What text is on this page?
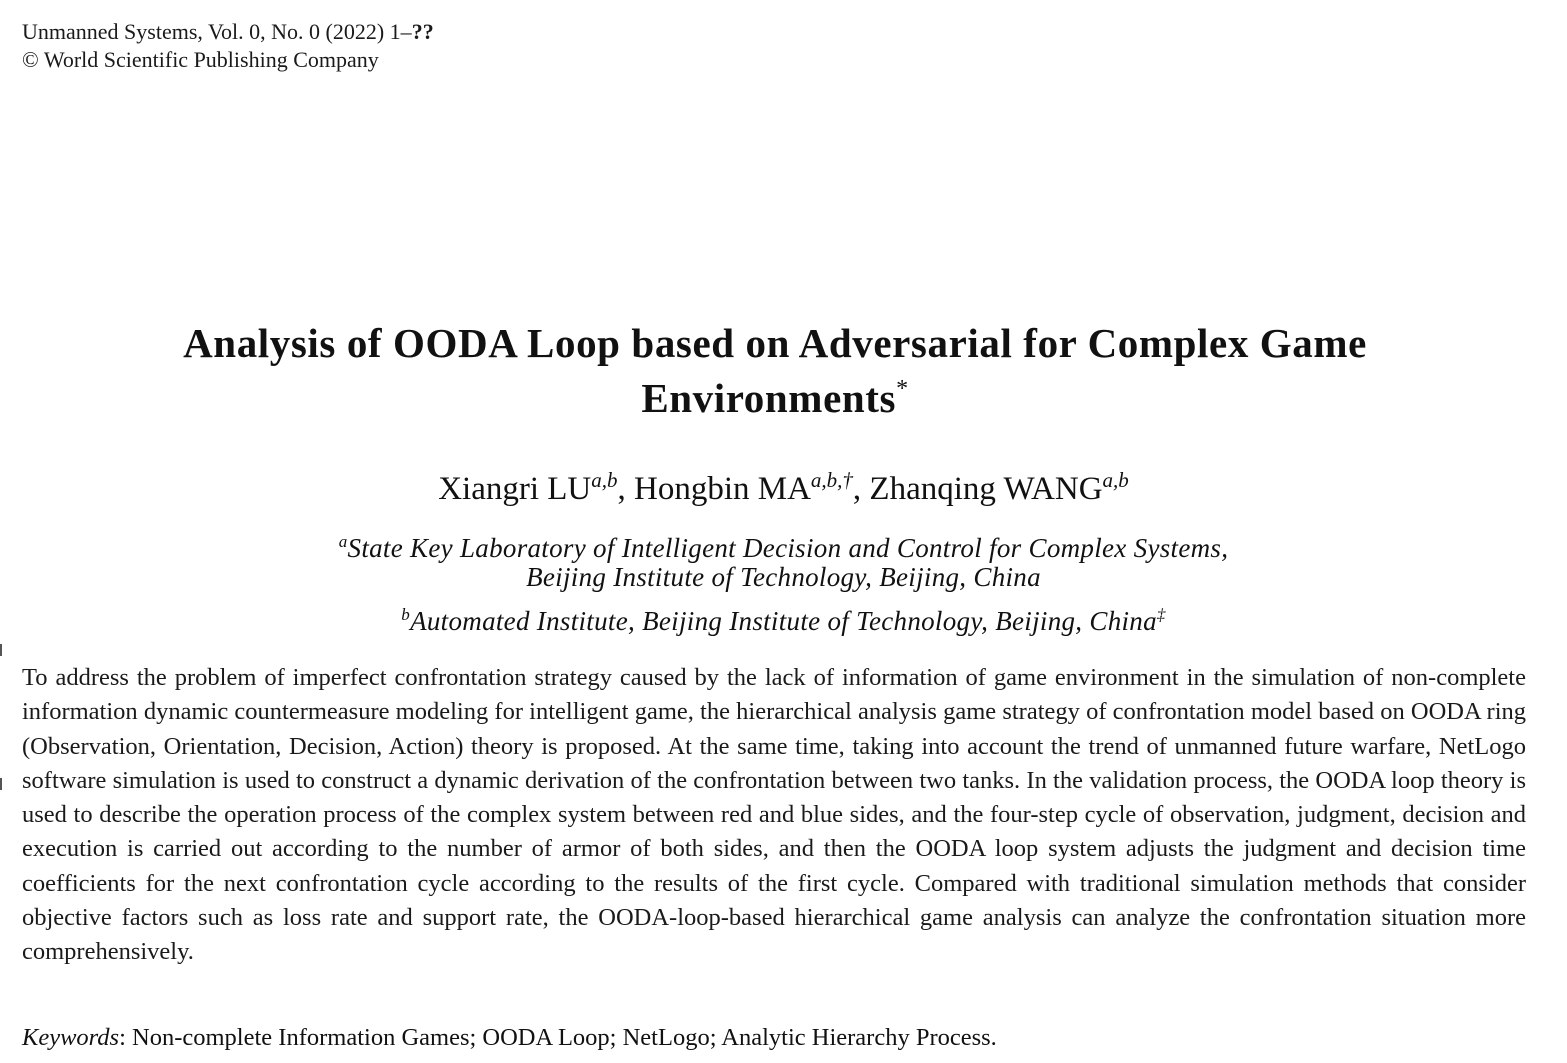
Unmanned Systems, Vol. 0, No. 0 (2022) 1–??
© World Scientific Publishing Company
Analysis of OODA Loop based on Adversarial for Complex Game
Environments*
Xiangri LU$^{a,b}$, Hongbin $MA^{a,b,\dagger}$, Zhanqing WANG$^{a,b}$
$^a$State Key Laboratory of Intelligent Decision and Control for Complex Systems,
Beijing Institute of Technology, Beijing, China
$^b$Automated Institute, Beijing Institute of Technology, Beijing, China‡
To address the problem of imperfect confrontation strategy caused by the lack of information of game environment in the simulation of non-complete information dynamic countermeasure modeling for intelligent game, the hierarchical analysis game strategy of confrontation model based on OODA ring (Observation, Orientation, Decision, Action) theory is proposed. At the same time, taking into account the trend of unmanned future warfare, NetLogo software simulation is used to construct a dynamic derivation of the confrontation between two tanks. In the validation process, the OODA loop theory is used to describe the operation process of the complex system between red and blue sides, and the four-step cycle of observation, judgment, decision and execution is carried out according to the number of armor of both sides, and then the OODA loop system adjusts the judgment and decision time coefficients for the next confrontation cycle according to the results of the first cycle. Compared with traditional simulation methods that consider objective factors such as loss rate and support rate, the OODA-loop-based hierarchical game analysis can analyze the confrontation situation more comprehensively.
Keywords: Non-complete Information Games; OODA Loop; NetLogo; Analytic Hierarchy Process.
